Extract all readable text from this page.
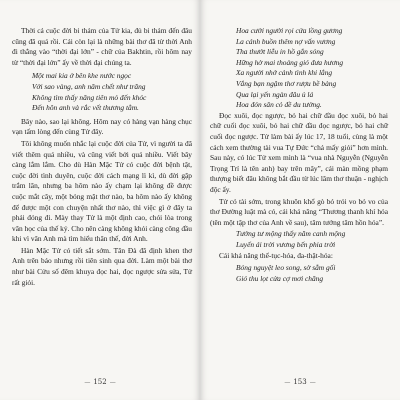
Thời cả cuộc đời bi thảm của Tử kia, đủ bi thảm đến đâu cũng đã quá rồi. Cái còn lại là những bài thơ đã từ thời Anh đi thẳng vào “thời đại lớn” - chữ của Bakhtin, rồi hôm nay từ “thời đại lớn” ấy về thời đại chúng ta.

Một mai kia ở bên khe nước ngọc
Với sao vàng, anh năm chết như trăng
Không tìm thấy năng tiên mỏ đến khóc
Đến hôn anh và rắc vết thương tằm.

Bây nào, sao lại không. Hôm nay có hàng vạn hàng chục vạn tấm lòng đến cùng Tử đây.

Tôi không muốn nhắc lại cuộc đời của Tử, vì người ta đã viết thêm quá nhiều, và cũng viết bởi quá nhiều. Viết bây càng lắm lắm. Cho dù Hàn Mặc Tử có cuộc đời bệnh tật, cuộc đời tình duyên, cuộc đời cách mạng lì kì, dù đời gặp trắm lăn, nhưng ba hôm nào ấy chạm lại không đề được cuộc mắt cây, một bóng mặt thơ nào, ba hôm nào ấy không để được một con chuyện nhất thơ nào, thì việc gì ở đây ta phải đóng đi. Mày thay Tử là một định cao, chói lòa trong văn học của thế kỷ. Cho nên càng không khỏi càng công đầu khi vì vân Anh mà tìm hiểu thân thế, đời Anh.

Hàn Mặc Tử có tiết sắt sớm. Tân Đà đã định khen thơ Anh trên báo nhưng rồi tiên sinh qua đời. Làm một bài thơ như bài Cửu số đêm khuya đọc hai, đọc ngược sửa sửa, Tử rất giỏi.

— 152 —
Hoa cười người rọi cửa lồng gương
La cánh buồn thêm nợ vấn vương
Tha thướt liễu in hồ gắn sóng
Hững hờ mai thoảng gió đưa hương
Xa người nhớ cảnh tình khi lắng
Vắng bạn ngậm thơ rượu bề bàng
Qua lại yến ngàn đâu ủ lá
Hoa đón sân cỏ đề du tường.

Đọc xuôi, đọc ngược, bỏ hai chữ đầu đọc xuôi, bỏ hai chữ cuối đọc xuôi, bỏ hai chữ đầu đọc ngược, bỏ hai chữ cuối đọc ngược. Tử làm bài ấy lúc 17, 18 tuổi, cùng là một cách xem thường tài vua Tự Đức “chả mấy giỏi” hơn mình. Sau này, có lúc Tử xem mình là “vua nhà Nguyễn (Nguyễn Trọng Trí là tên anh) bay trên mây”, cái màn mồng phạm thượng biết đâu không bắt đầu từ lúc lăm thơ thuận - nghịch độc ấy.

Tử có tài sớm, trong khuôn khổ gò bó trói vo bó vo của thơ Đường luật mà có, cái khả năng “Thương thanh khí hóa (tên một tập thơ của Anh về sau), tâm tướng tâm hồn hóa”.

Tướng tư mộng thấy năm canh mộng
Luyến ái trời vương bến phia trời

Cái khả năng thể-tục-hóa, đa-thật-hóa:

Bóng nguyệt leo song, sờ sẵm gối
Gió thu lọt cửa cợ mơi chăng
— 153 —
